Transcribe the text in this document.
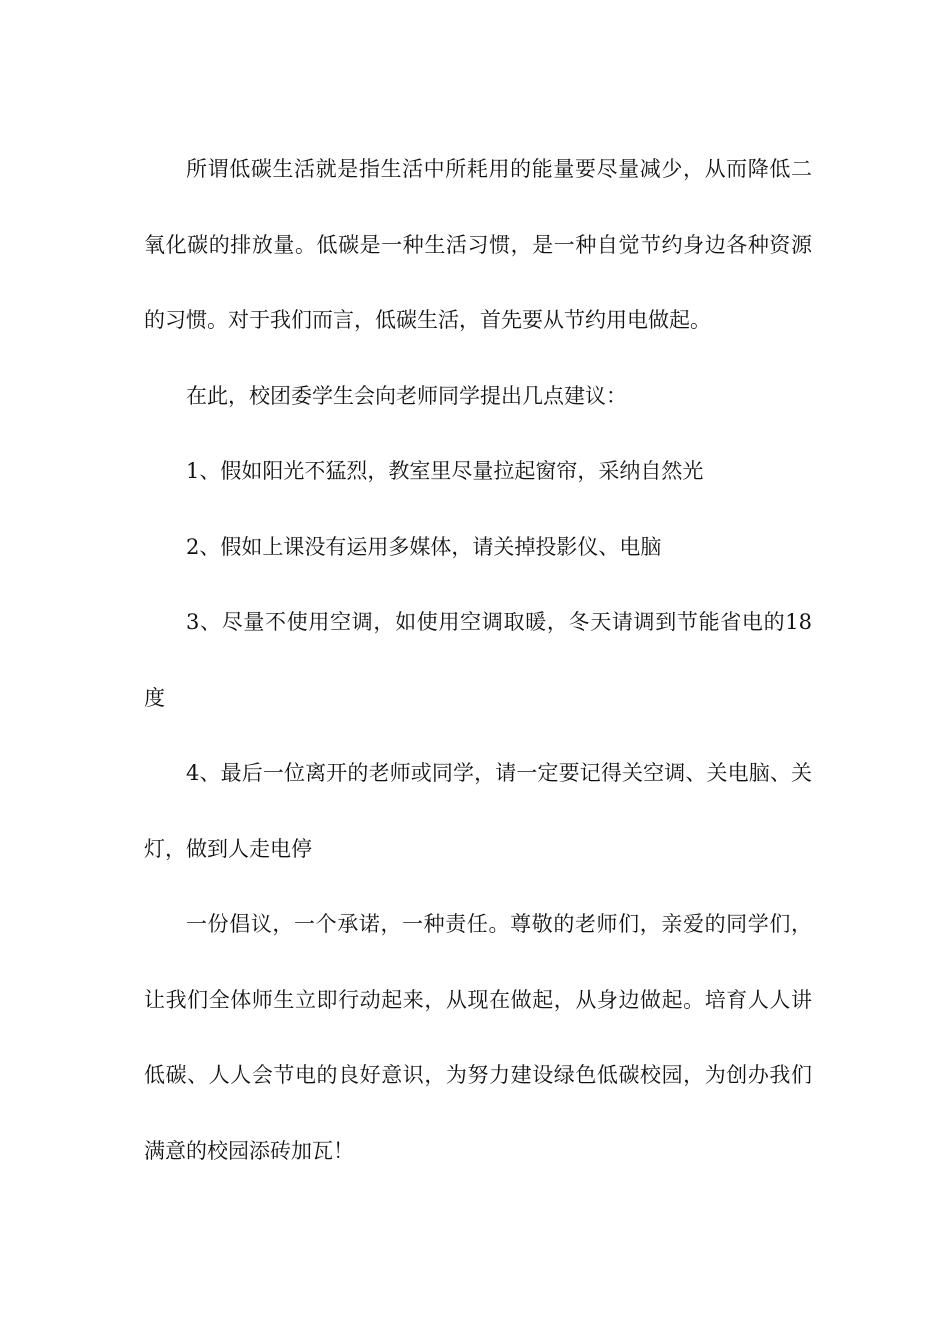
所谓低碳生活就是指生活中所耗用的能量要尽量减少，从而降低二氧化碳的排放量。低碳是一种生活习惯，是一种自觉节约身边各种资源的习惯。对于我们而言，低碳生活，首先要从节约用电做起。

在此，校团委学生会向老师同学提出几点建议：

1、假如阳光不猛烈，教室里尽量拉起窗帘，采纳自然光

2、假如上课没有运用多媒体，请关掉投影仪、电脑

3、尽量不使用空调，如使用空调取暖，冬天请调到节能省电的18度

4、最后一位离开的老师或同学，请一定要记得关空调、关电脑、关灯，做到人走电停

一份倡议，一个承诺，一种责任。尊敬的老师们，亲爱的同学们，让我们全体师生立即行动起来，从现在做起，从身边做起。培育人人讲低碳、人人会节电的良好意识，为努力建设绿色低碳校园，为创办我们满意的校园添砖加瓦！
